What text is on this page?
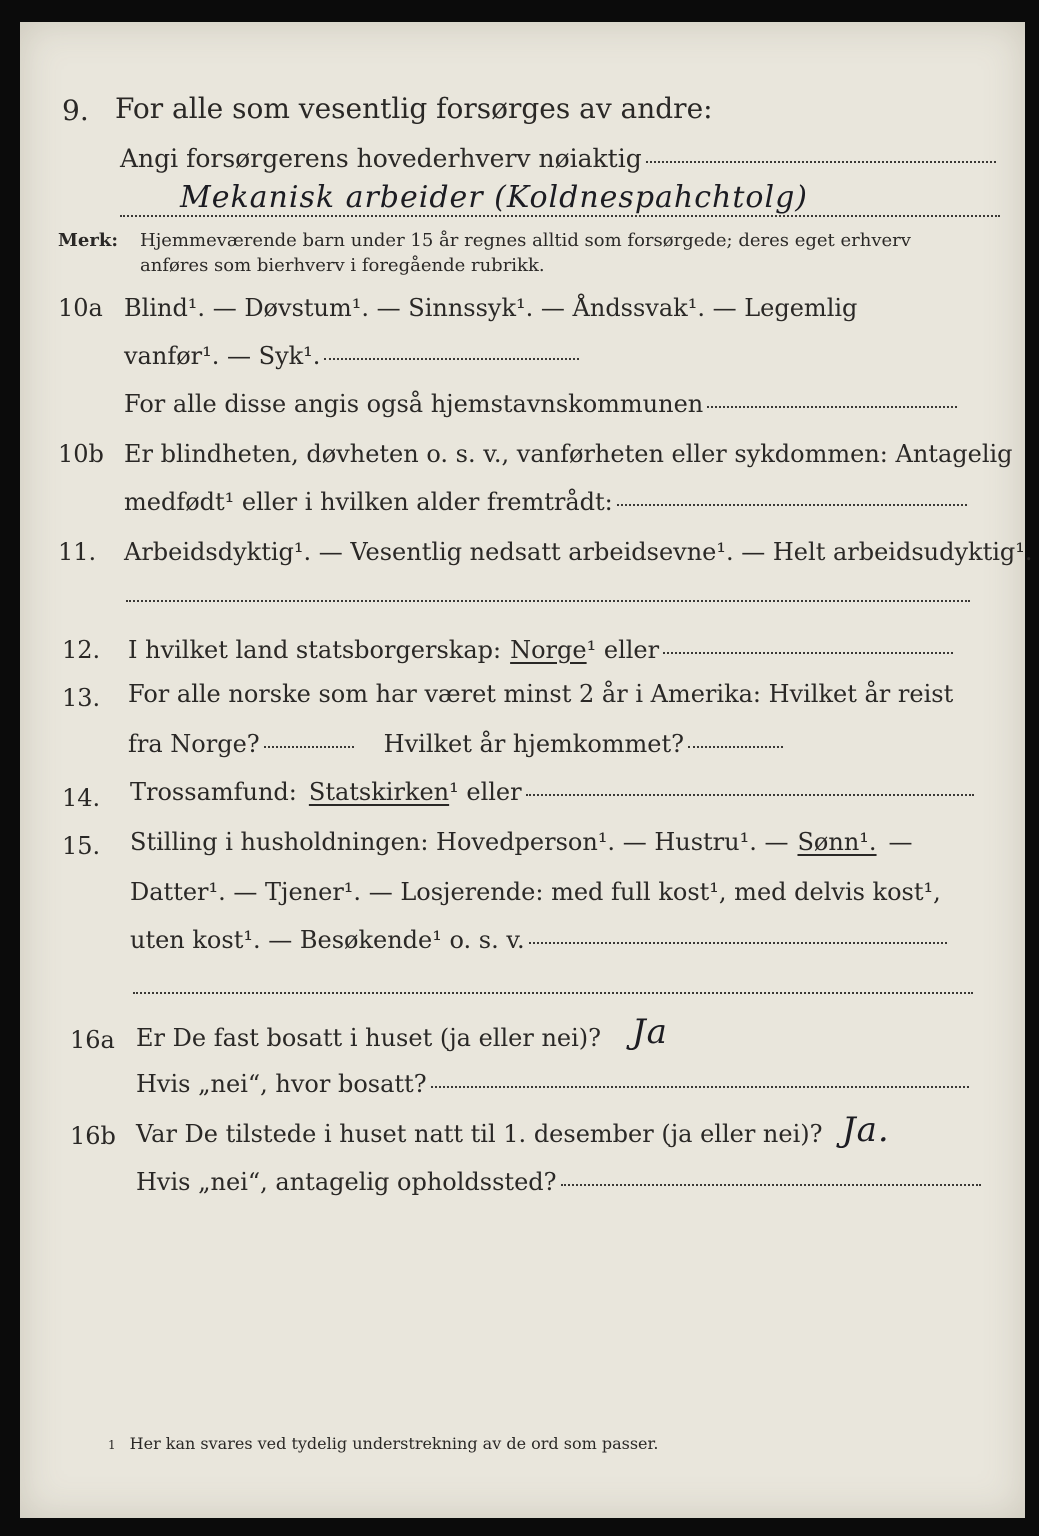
9. For alle som vesentlig forsørges av andre:
Angi forsørgerens hovederhverv nøiaktig
Mekanisk arbeider (Koldnespahchtolg)
Merk: Hjemmeværende barn under 15 år regnes alltid som forsørgede; deres eget erhverv
anføres som bierhverv i foregående rubrikk.
10a Blind¹. — Døvstum¹. — Sinnssyk¹. — Åndssvak¹. — Legemlig
vanfør¹. — Syk¹.
For alle disse angis også hjemstavnskommunen
10b Er blindheten, døvheten o. s. v., vanførheten eller sykdommen: Antagelig
medfødt¹ eller i hvilken alder fremtrådt:
11. Arbeidsdyktig¹. — Vesentlig nedsatt arbeidsevne¹. — Helt arbeidsudyktig¹.
12. I hvilket land statsborgerskap: Norge ¹ eller
13. For alle norske som har været minst 2 år i Amerika: Hvilket år reist
fra Norge?	Hvilket år hjemkommet?
14. Trossamfund: Statskirken ¹ eller
15. Stilling i husholdningen: Hovedperson¹. — Hustru¹. — Sønn¹. —
Datter¹. — Tjener¹. — Losjerende: med full kost¹, med delvis kost¹,
uten kost¹. — Besøkende¹ o. s. v.
16a Er De fast bosatt i huset (ja eller nei)? Ja
Hvis „nei“, hvor bosatt?
16b Var De tilstede i huset natt til 1. desember (ja eller nei)? Ja.
Hvis „nei“, antagelig opholdssted?
1 Her kan svares ved tydelig understrekning av de ord som passer.
